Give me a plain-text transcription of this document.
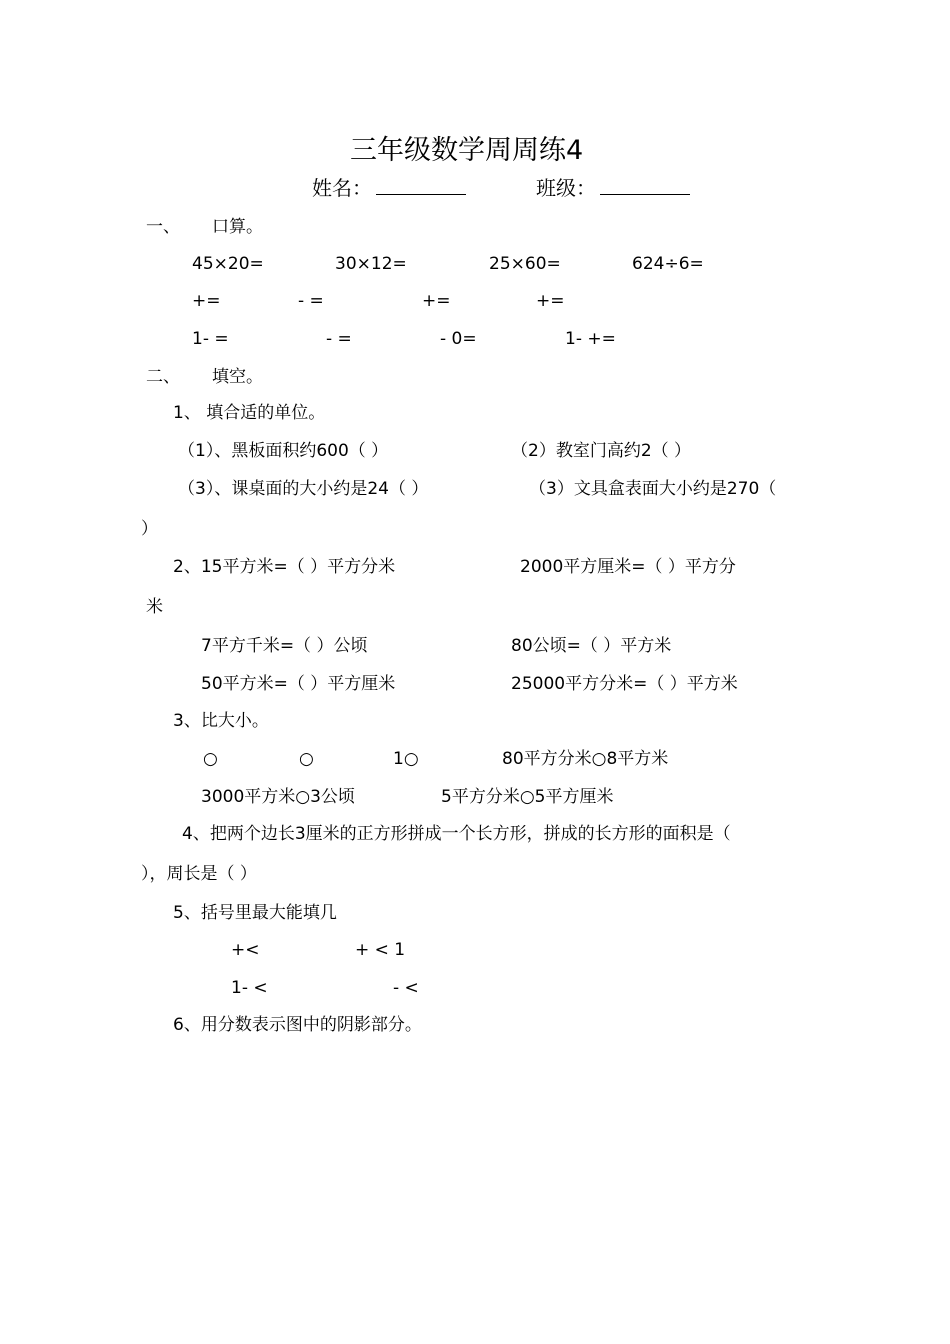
三年级数学周周练4
姓名：	班级：
一、 口算。
45×20=	30×12=	25×60=	624÷6=
+=	- =	+=	+=
1- =	- =	- 0=	1- +=
二、 填空。
1、 填合适的单位。
（1）、黑板面积约600（ ）	（2）教室门高约2（ ）
（3）、课桌面的大小约是24（ ）	（3）文具盒表面大小约是270（
）
2、15平方米=（ ）平方分米	2000平方厘米=（ ）平方分
米
7平方千米=（ ）公顷	80公顷=（ ）平方米
50平方米=（ ）平方厘米	25000平方分米=（ ）平方米
3、比大小。
○	○	1○	80平方分米○8平方米
3000平方米○3公顷	5平方分米○5平方厘米
4、把两个边长3厘米的正方形拼成一个长方形，拼成的长方形的面积是（
），周长是（ ）
5、括号里最大能填几
+<	+ < 1
1- <	- <
6、用分数表示图中的阴影部分。
